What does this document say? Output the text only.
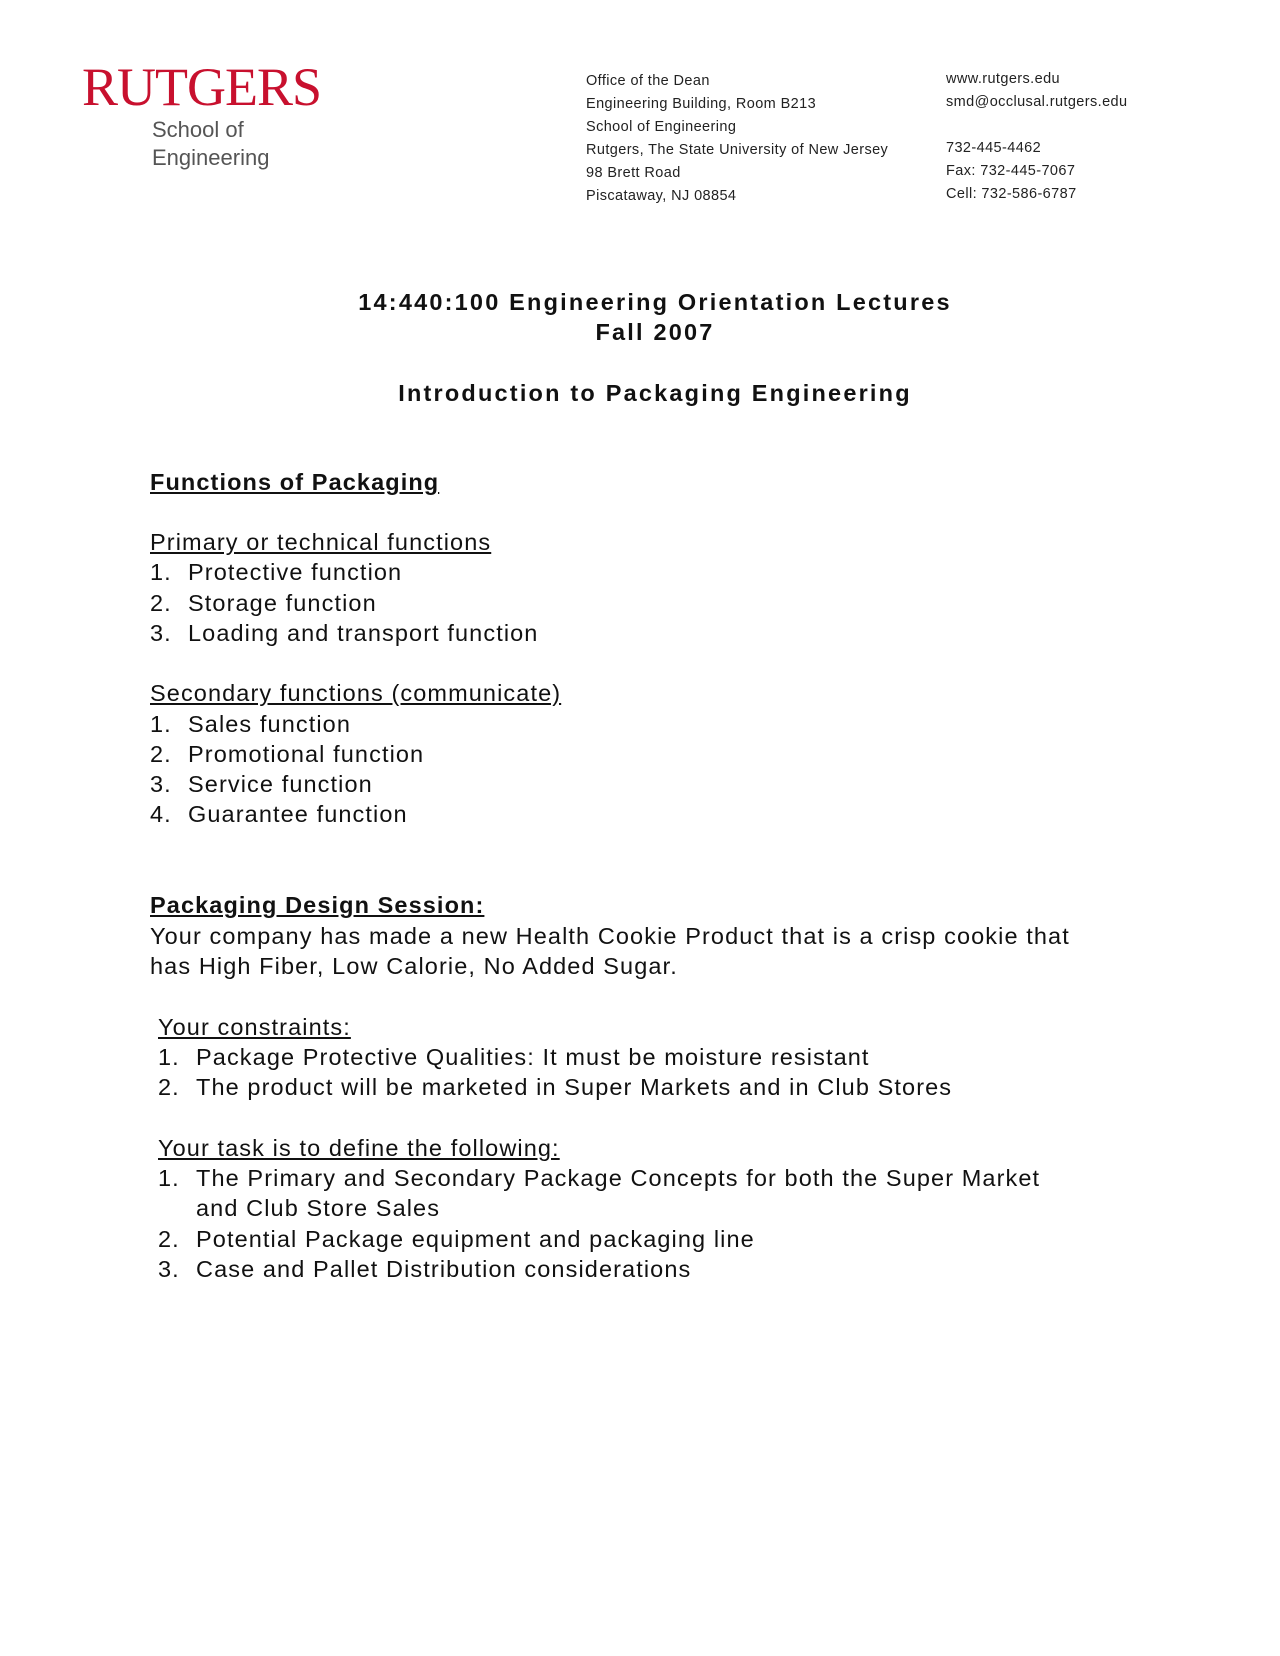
RUTGERS
School of Engineering
Office of the Dean
Engineering Building, Room B213
School of Engineering
Rutgers, The State University of New Jersey
98 Brett Road
Piscataway, NJ 08854
www.rutgers.edu
smd@occlusal.rutgers.edu
732-445-4462
Fax: 732-445-7067
Cell: 732-586-6787
14:440:100 Engineering Orientation Lectures
Fall 2007
Introduction to Packaging Engineering
Functions of Packaging
Primary or technical functions
1. Protective function
2. Storage function
3. Loading and transport function
Secondary functions (communicate)
1. Sales function
2. Promotional function
3. Service function
4. Guarantee function
Packaging Design Session:
Your company has made a new Health Cookie Product that is a crisp cookie that
has High Fiber, Low Calorie, No Added Sugar.
Your constraints:
1. Package Protective Qualities: It must be moisture resistant
2. The product will be marketed in Super Markets and in Club Stores
Your task is to define the following:
1. The Primary and Secondary Package Concepts for both the Super Market
and Club Store Sales
2. Potential Package equipment and packaging line
3. Case and Pallet Distribution considerations
